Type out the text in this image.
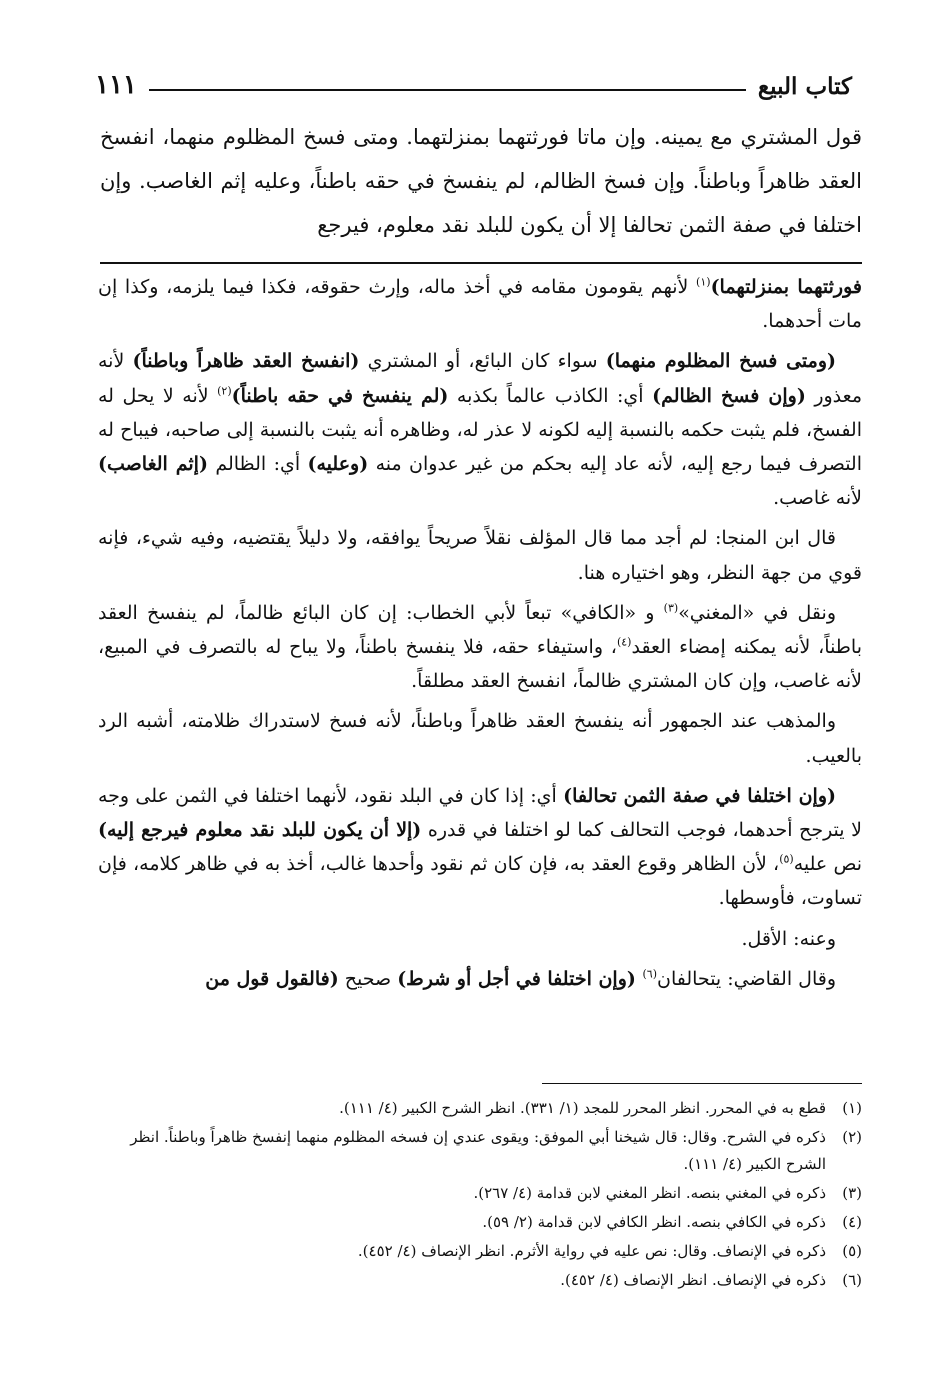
كتاب البيع
١١١
قول المشتري مع يمينه. وإن ماتا فورثتهما بمنزلتهما. ومتى فسخ المظلوم منهما، انفسخ العقد ظاهراً وباطناً. وإن فسخ الظالم، لم ينفسخ في حقه باطناً، وعليه إثم الغاصب. وإن اختلفا في صفة الثمن تحالفا إلا أن يكون للبلد نقد معلوم، فيرجع

فورثتهما بمنزلتهما)$^{(١)}$ لأنهم يقومون مقامه في أخذ ماله، وإرث حقوقه، فكذا فيما يلزمه، وكذا إن مات أحدهما.

(ومتى فسخ المظلوم منهما) سواء كان البائع، أو المشتري (انفسخ العقد ظاهراً وباطناً) لأنه معذور (وإن فسخ الظالم) أي: الكاذب عالماً بكذبه (لم ينفسخ في حقه باطناً)$^{(٢)}$ لأنه لا يحل له الفسخ، فلم يثبت حكمه بالنسبة إليه لكونه لا عذر له، وظاهره أنه يثبت بالنسبة إلى صاحبه، فيباح له التصرف فيما رجع إليه، لأنه عاد إليه بحكم من غير عدوان منه (وعليه) أي: الظالم (إثم الغاصب) لأنه غاصب.

قال ابن المنجا: لم أجد مما قال المؤلف نقلاً صريحاً يوافقه، ولا دليلاً يقتضيه، وفيه شيء، فإنه قوي من جهة النظر، وهو اختياره هنا.

ونقل في «المغني»$^{(٣)}$ و «الكافي» تبعاً لأبي الخطاب: إن كان البائع ظالماً، لم ينفسخ العقد باطناً، لأنه يمكنه إمضاء العقد$^{(٤)}$، واستيفاء حقه، فلا ينفسخ باطناً، ولا يباح له بالتصرف في المبيع، لأنه غاصب، وإن كان المشتري ظالماً، انفسخ العقد مطلقاً.

والمذهب عند الجمهور أنه ينفسخ العقد ظاهراً وباطناً، لأنه فسخ لاستدراك ظلامته، أشبه الرد بالعيب.

(وإن اختلفا في صفة الثمن تحالفا) أي: إذا كان في البلد نقود، لأنهما اختلفا في الثمن على وجه لا يترجح أحدهما، فوجب التحالف كما لو اختلفا في قدره (إلا أن يكون للبلد نقد معلوم فيرجع إليه) نص عليه$^{(٥)}$، لأن الظاهر وقوع العقد به، فإن كان ثم نقود وأحدها غالب، أخذ به في ظاهر كلامه، فإن تساوت، فأوسطها.

وعنه: الأقل.

وقال القاضي: يتحالفان$^{(٦)}$ (وإن اختلفا في أجل أو شرط) صحيح (فالقول قول من

(١)
قطع به في المحرر. انظر المحرر للمجد (١/ ٣٣١). انظر الشرح الكبير (٤/ ١١١).
(٢)
ذكره في الشرح. وقال: قال شيخنا أبي الموفق: ويقوى عندي إن فسخه المظلوم منهما إنفسخ ظاهراً وباطناً. انظر الشرح الكبير (٤/ ١١١).
(٣)
ذكره في المغني بنصه. انظر المغني لابن قدامة (٤/ ٢٦٧).
(٤)
ذكره في الكافي بنصه. انظر الكافي لابن قدامة (٢/ ٥٩).
(٥)
ذكره في الإنصاف. وقال: نص عليه في رواية الأثرم. انظر الإنصاف (٤/ ٤٥٢).
(٦)
ذكره في الإنصاف. انظر الإنصاف (٤/ ٤٥٢).
